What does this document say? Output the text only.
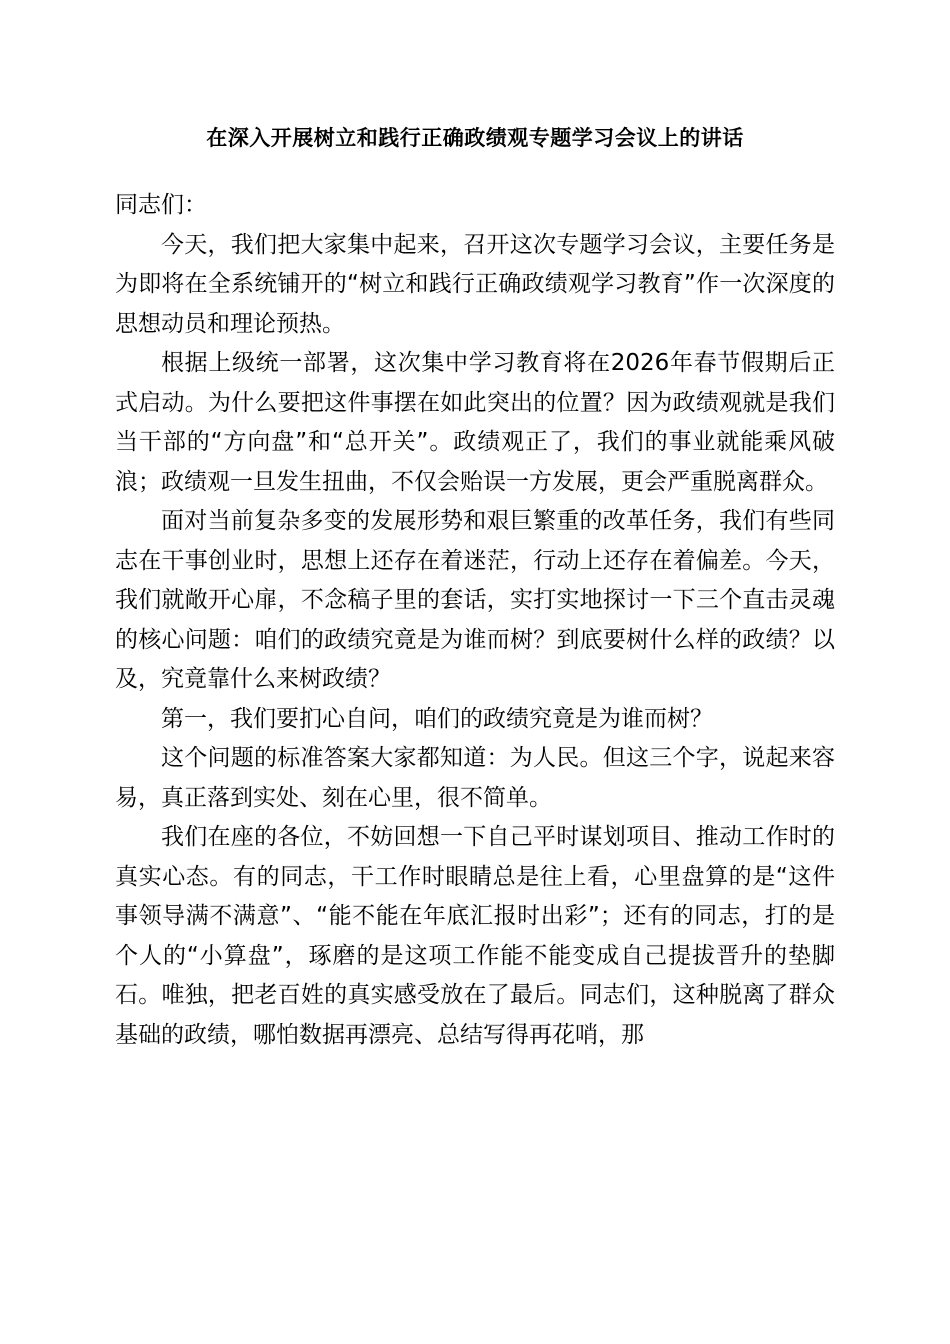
在深入开展树立和践行正确政绩观专题学习会议上的讲话

同志们：

今天，我们把大家集中起来，召开这次专题学习会议，主要任务是为即将在全系统铺开的“树立和践行正确政绩观学习教育”作一次深度的思想动员和理论预热。

根据上级统一部署，这次集中学习教育将在2026年春节假期后正式启动。为什么要把这件事摆在如此突出的位置？因为政绩观就是我们当干部的“方向盘”和“总开关”。政绩观正了，我们的事业就能乘风破浪；政绩观一旦发生扭曲，不仅会贻误一方发展，更会严重脱离群众。

面对当前复杂多变的发展形势和艰巨繁重的改革任务，我们有些同志在干事创业时，思想上还存在着迷茫，行动上还存在着偏差。今天，我们就敞开心扉，不念稿子里的套话，实打实地探讨一下三个直击灵魂的核心问题：咱们的政绩究竟是为谁而树？到底要树什么样的政绩？以及，究竟靠什么来树政绩？

第一，我们要扪心自问，咱们的政绩究竟是为谁而树？

这个问题的标准答案大家都知道：为人民。但这三个字，说起来容易，真正落到实处、刻在心里，很不简单。

我们在座的各位，不妨回想一下自己平时谋划项目、推动工作时的真实心态。有的同志，干工作时眼睛总是往上看，心里盘算的是“这件事领导满不满意”、“能不能在年底汇报时出彩”；还有的同志，打的是个人的“小算盘”，琢磨的是这项工作能不能变成自己提拔晋升的垫脚石。唯独，把老百姓的真实感受放在了最后。同志们，这种脱离了群众基础的政绩，哪怕数据再漂亮、总结写得再花哨，那
